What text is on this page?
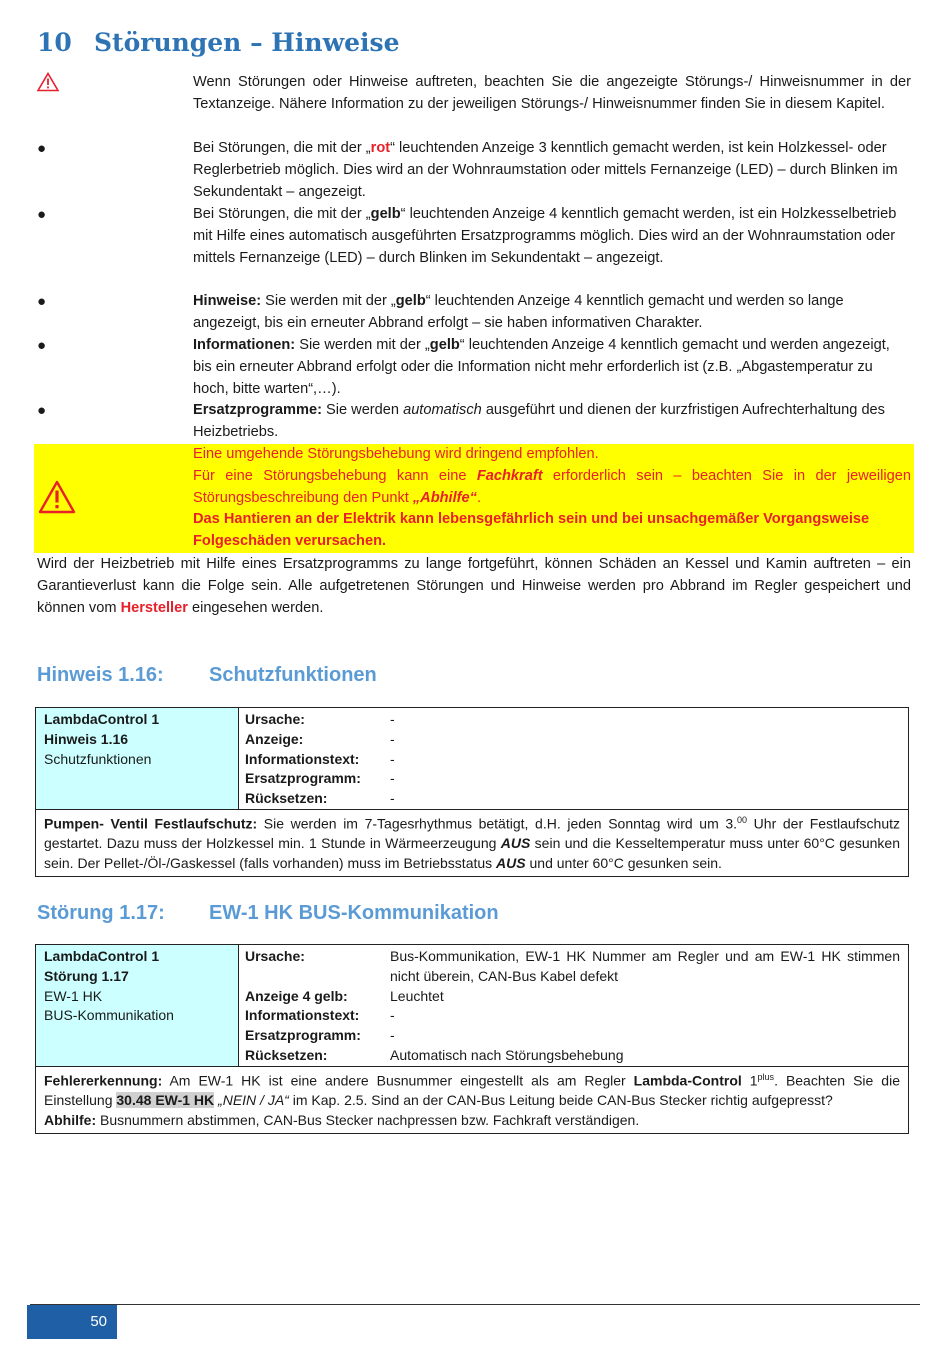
10 Störungen – Hinweise
Wenn Störungen oder Hinweise auftreten, beachten Sie die angezeigte Störungs-/ Hinweisnummer in der Textanzeige. Nähere Information zu der jeweiligen Störungs-/ Hinweisnummer finden Sie in diesem Kapitel.
●	Bei Störungen, die mit der „rot“ leuchtenden Anzeige 3 kenntlich gemacht werden, ist kein Holzkessel- oder Reglerbetrieb möglich. Dies wird an der Wohnraumstation oder mittels Fernanzeige (LED) – durch Blinken im Sekundentakt – angezeigt.
●	Bei Störungen, die mit der „gelb“ leuchtenden Anzeige 4 kenntlich gemacht werden, ist ein Holzkesselbetrieb mit Hilfe eines automatisch ausgeführten Ersatzprogramms möglich. Dies wird an der Wohnraumstation oder mittels Fernanzeige (LED) – durch Blinken im Sekundentakt – angezeigt.
●	Hinweise: Sie werden mit der „gelb“ leuchtenden Anzeige 4 kenntlich gemacht und werden so lange angezeigt, bis ein erneuter Abbrand erfolgt – sie haben informativen Charakter.
●	Informationen: Sie werden mit der „gelb“ leuchtenden Anzeige 4 kenntlich gemacht und werden angezeigt, bis ein erneuter Abbrand erfolgt oder die Information nicht mehr erforderlich ist (z.B. „Abgastemperatur zu hoch, bitte warten“,…).
●	Ersatzprogramme: Sie werden automatisch ausgeführt und dienen der kurzfristigen Aufrechterhaltung des Heizbetriebs.
Eine umgehende Störungsbehebung wird dringend empfohlen.
Für eine Störungsbehebung kann eine Fachkraft erforderlich sein – beachten Sie in der jeweiligen Störungsbeschreibung den Punkt „Abhilfe“.
Das Hantieren an der Elektrik kann lebensgefährlich sein und bei unsachgemäßer Vorgangsweise Folgeschäden verursachen.
Wird der Heizbetrieb mit Hilfe eines Ersatzprogramms zu lange fortgeführt, können Schäden an Kessel und Kamin auftreten – ein Garantieverlust kann die Folge sein. Alle aufgetretenen Störungen und Hinweise werden pro Abbrand im Regler gespeichert und können vom Hersteller eingesehen werden.
Hinweis 1.16: Schutzfunktionen
LambdaControl 1
Hinweis 1.16
Schutzfunktionen
Ursache:	-
Anzeige:	-
Informationstext:	-
Ersatzprogramm:	-
Rücksetzen:	-
Pumpen- Ventil Festlaufschutz: Sie werden im 7-Tagesrhythmus betätigt, d.H. jeden Sonntag wird um 3.00 Uhr der Festlaufschutz gestartet. Dazu muss der Holzkessel min. 1 Stunde in Wärmeerzeugung AUS sein und die Kesseltemperatur muss unter 60°C gesunken sein. Der Pellet-/Öl-/Gaskessel (falls vorhanden) muss im Betriebsstatus AUS und unter 60°C gesunken sein.
Störung 1.17: EW-1 HK BUS-Kommunikation
LambdaControl 1
Störung 1.17
EW-1 HK
BUS-Kommunikation
Ursache:	Bus-Kommunikation, EW-1 HK Nummer am Regler und am EW-1 HK stimmen nicht überein, CAN-Bus Kabel defekt
Anzeige 4 gelb:	Leuchtet
Informationstext:	-
Ersatzprogramm:	-
Rücksetzen:	Automatisch nach Störungsbehebung
Fehlererkennung: Am EW-1 HK ist eine andere Busnummer eingestellt als am Regler Lambda-Control $1^{plus}$. Beachten Sie die Einstellung 30.48 EW-1 HK „NEIN / JA“ im Kap. 2.5. Sind an der CAN-Bus Leitung beide CAN-Bus Stecker richtig aufgepresst?
Abhilfe: Busnummern abstimmen, CAN-Bus Stecker nachpressen bzw. Fachkraft verständigen.
50
